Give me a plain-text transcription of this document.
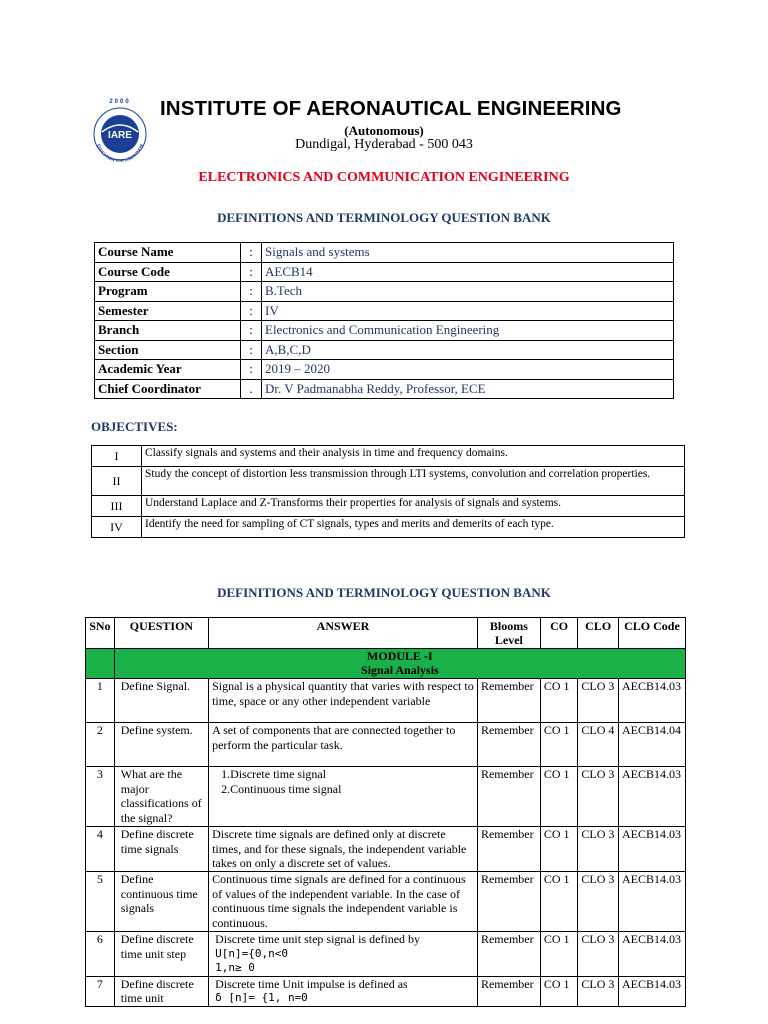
2000
IARE
EDUCATION FOR LIBERATION
INSTITUTE OF AERONAUTICAL ENGINEERING
(Autonomous)
Dundigal, Hyderabad - 500 043
ELECTRONICS AND COMMUNICATION ENGINEERING
DEFINITIONS AND TERMINOLOGY QUESTION BANK
Course Name	:	Signals and systems
Course Code	:	AECB14
Program	:	B.Tech
Semester	:	IV
Branch	:	Electronics and Communication Engineering
Section	:	A,B,C,D
Academic Year	:	2019 – 2020
Chief Coordinator	.	Dr. V Padmanabha Reddy, Professor, ECE
OBJECTIVES:
I	Classify signals and systems and their analysis in time and frequency domains.
II	Study the concept of distortion less transmission through LTI systems, convolution and correlation properties.
III	Understand Laplace and Z-Transforms their properties for analysis of signals and systems.
IV	Identify the need for sampling of CT signals, types and merits and demerits of each type.
DEFINITIONS AND TERMINOLOGY QUESTION BANK
SNo	QUESTION	ANSWER	Blooms Level	CO	CLO	CLO Code

	MODULE -I
Signal Analysis					

1	Define Signal.	Signal is a physical quantity that varies with respect to time, space or any other independent variable	Remember	CO 1	CLO 3	AECB14.03
2	Define system.	A set of components that are connected together to perform the particular task.	Remember	CO 1	CLO 4	AECB14.04
3	What are the major classifications of the signal?	1.Discrete time signal
2.Continuous time signal	Remember	CO 1	CLO 3	AECB14.03
4	Define discrete time signals	Discrete time signals are defined only at discrete times, and for these signals, the independent variable takes on only a discrete set of values.	Remember	CO 1	CLO 3	AECB14.03
5	Define continuous time signals	Continuous time signals are defined for a continuous of values of the independent variable. In the case of continuous time signals the independent variable is continuous.	Remember	CO 1	CLO 3	AECB14.03
6	Define discrete time unit step	Discrete time unit step signal is defined by
U[n]={0,n<0
1,n≥ 0	Remember	CO 1	CLO 3	AECB14.03
7	Define discrete time unit	Discrete time Unit impulse is defined as
δ [n]= {1, n=0	Remember	CO 1	CLO 3	AECB14.03
